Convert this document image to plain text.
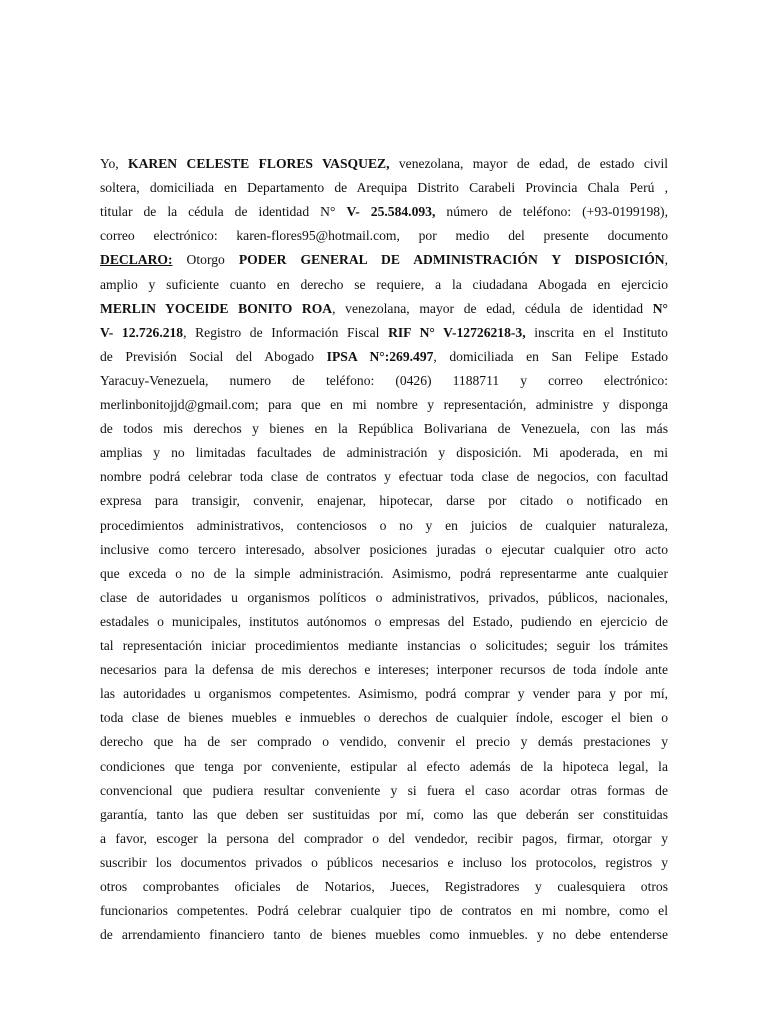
Yo, KAREN CELESTE FLORES VASQUEZ, venezolana, mayor de edad, de estado civil
soltera, domiciliada en Departamento de Arequipa Distrito Carabeli Provincia Chala Perú ,
titular de la cédula de identidad N° V- 25.584.093, número de teléfono: (+93-0199198),
correo electrónico: karen-flores95@hotmail.com, por medio del presente documento
DECLARO: Otorgo PODER GENERAL DE ADMINISTRACIÓN Y DISPOSICIÓN,
amplio y suficiente cuanto en derecho se requiere, a la ciudadana Abogada en ejercicio
MERLIN YOCEIDE BONITO ROA, venezolana, mayor de edad, cédula de identidad N°
V- 12.726.218, Registro de Información Fiscal RIF N° V-12726218-3, inscrita en el Instituto
de Previsión Social del Abogado IPSA N°:269.497, domiciliada en San Felipe Estado
Yaracuy-Venezuela, numero de teléfono: (0426) 1188711 y correo electrónico:
merlinbonitojjd@gmail.com; para que en mi nombre y representación, administre y disponga
de todos mis derechos y bienes en la República Bolivariana de Venezuela, con las más
amplias y no limitadas facultades de administración y disposición. Mi apoderada, en mi
nombre podrá celebrar toda clase de contratos y efectuar toda clase de negocios, con facultad
expresa para transigir, convenir, enajenar, hipotecar, darse por citado o notificado en
procedimientos administrativos, contenciosos o no y en juicios de cualquier naturaleza,
inclusive como tercero interesado, absolver posiciones juradas o ejecutar cualquier otro acto
que exceda o no de la simple administración. Asimismo, podrá representarme ante cualquier
clase de autoridades u organismos políticos o administrativos, privados, públicos, nacionales,
estadales o municipales, institutos autónomos o empresas del Estado, pudiendo en ejercicio de
tal representación iniciar procedimientos mediante instancias o solicitudes; seguir los trámites
necesarios para la defensa de mis derechos e intereses; interponer recursos de toda índole ante
las autoridades u organismos competentes. Asimismo, podrá comprar y vender para y por mí,
toda clase de bienes muebles e inmuebles o derechos de cualquier índole, escoger el bien o
derecho que ha de ser comprado o vendido, convenir el precio y demás prestaciones y
condiciones que tenga por conveniente, estipular al efecto además de la hipoteca legal, la
convencional que pudiera resultar conveniente y si fuera el caso acordar otras formas de
garantía, tanto las que deben ser sustituidas por mí, como las que deberán ser constituidas
a favor, escoger la persona del comprador o del vendedor, recibir pagos, firmar, otorgar y
suscribir los documentos privados o públicos necesarios e incluso los protocolos, registros y
otros comprobantes oficiales de Notarios, Jueces, Registradores y cualesquiera otros
funcionarios competentes. Podrá celebrar cualquier tipo de contratos en mi nombre, como el
de arrendamiento financiero tanto de bienes muebles como inmuebles. y no debe entenderse
